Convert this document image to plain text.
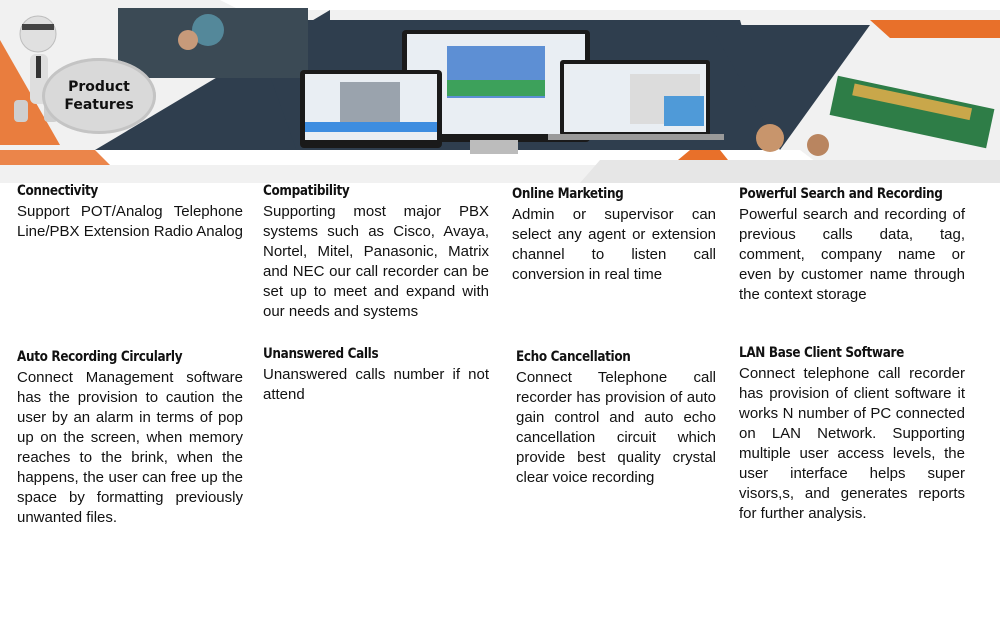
Product
Features
Connectivity

Support POT/Analog Telephone Line/PBX Extension Radio Analog

Compatibility

Supporting most major PBX systems such as Cisco, Avaya, Nortel, Mitel, Panasonic, Matrix and NEC our call recorder can be set up to meet and expand with our needs and systems

Online Marketing

Admin or supervisor can select any agent or extension channel to listen call conversion in real time

Powerful Search and Recording

Powerful search and recording of previous calls data, tag, comment, company name or even by customer name through the context storage

Auto Recording Circularly

Connect Management software has the provision to caution the user by an alarm in terms of pop up on the screen, when memory reaches to the brink, when the happens, the user can free up the space by formatting previously unwanted files.

Unanswered Calls

Unanswered calls number if not attend

Echo Cancellation

Connect Telephone call recorder has provision of auto gain control and auto echo cancellation circuit which provide best quality crystal clear voice recording

LAN Base Client Software

Connect telephone call recorder has provision of client software it works N number of PC connected on LAN Network. Supporting multiple user access levels, the user interface helps super visors,s, and generates reports for further analysis.
